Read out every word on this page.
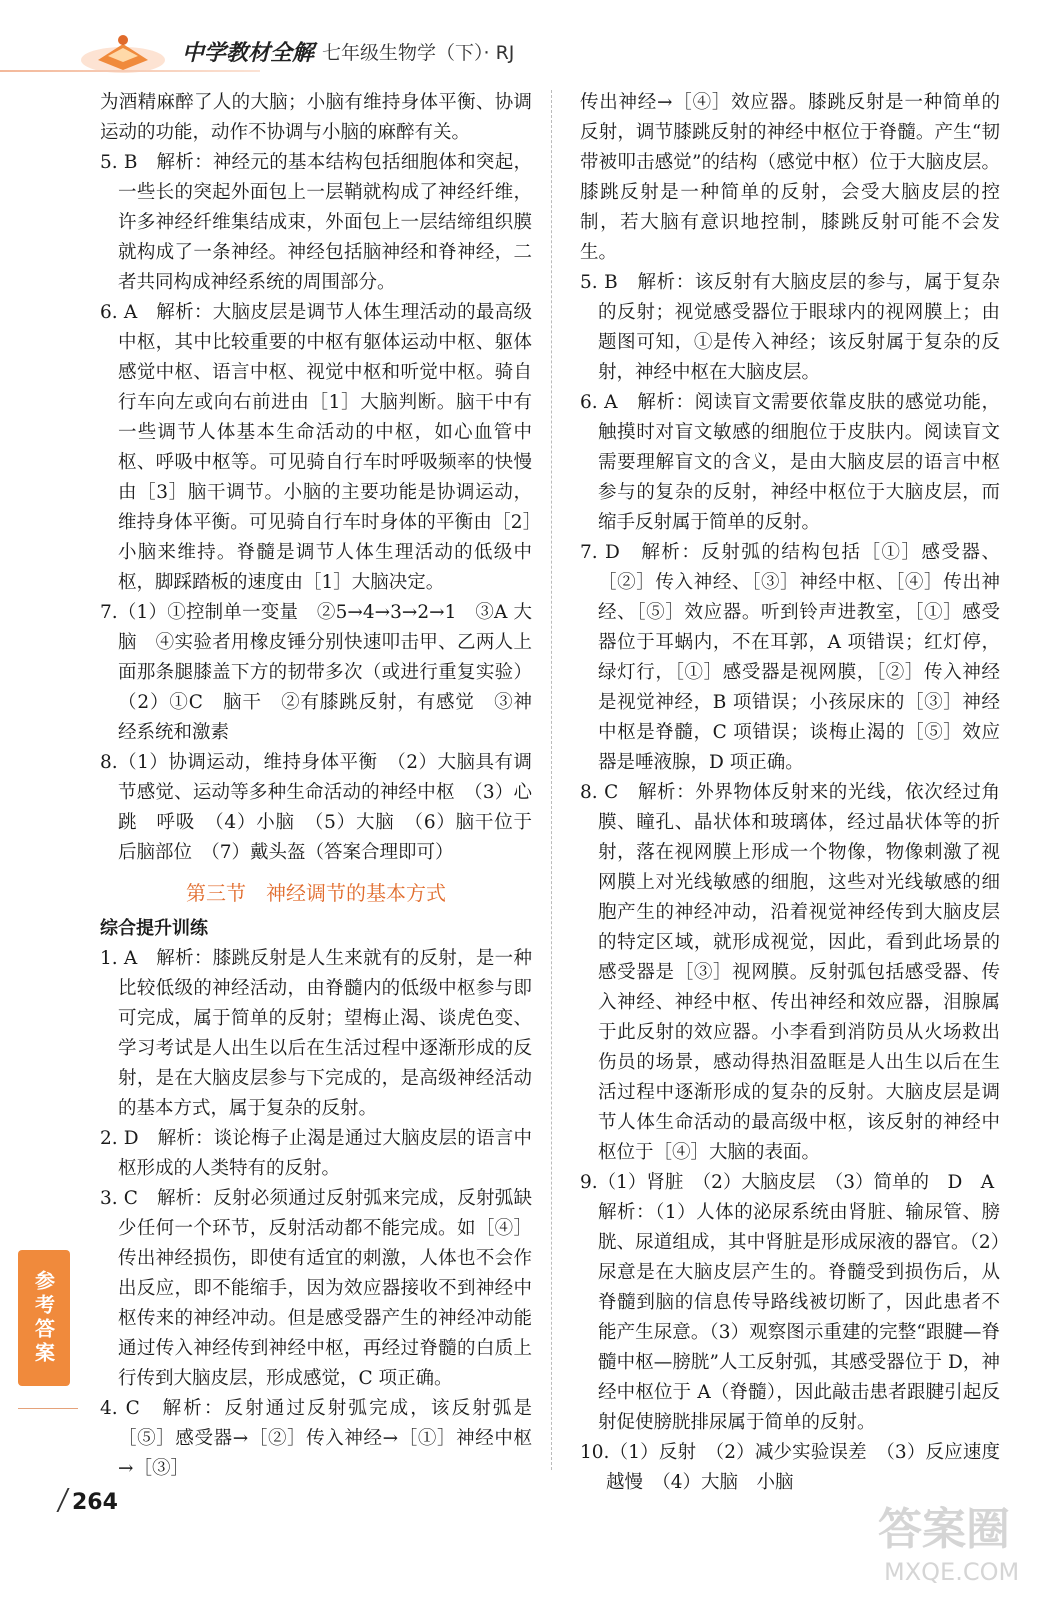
中学教材全解 七年级生物学（下）· RJ

为酒精麻醉了人的大脑；小脑有维持身体平衡、协调运动的功能，动作不协调与小脑的麻醉有关。

5. B　解析：神经元的基本结构包括细胞体和突起，一些长的突起外面包上一层鞘就构成了神经纤维，许多神经纤维集结成束，外面包上一层结缔组织膜就构成了一条神经。神经包括脑神经和脊神经，二者共同构成神经系统的周围部分。

6. A　解析：大脑皮层是调节人体生理活动的最高级中枢，其中比较重要的中枢有躯体运动中枢、躯体感觉中枢、语言中枢、视觉中枢和听觉中枢。骑自行车向左或向右前进由［1］大脑判断。脑干中有一些调节人体基本生命活动的中枢，如心血管中枢、呼吸中枢等。可见骑自行车时呼吸频率的快慢由［3］脑干调节。小脑的主要功能是协调运动，维持身体平衡。可见骑自行车时身体的平衡由［2］小脑来维持。脊髓是调节人体生理活动的低级中枢，脚踩踏板的速度由［1］大脑决定。

7.（1）①控制单一变量　②5→4→3→2→1　③A 大脑　④实验者用橡皮锤分别快速叩击甲、乙两人上面那条腿膝盖下方的韧带多次（或进行重复实验）（2）①C　脑干　②有膝跳反射，有感觉　③神经系统和激素

8.（1）协调运动，维持身体平衡　（2）大脑具有调节感觉、运动等多种生命活动的神经中枢　（3）心跳　呼吸　（4）小脑　（5）大脑　（6）脑干位于后脑部位　（7）戴头盔（答案合理即可）

第三节　神经调节的基本方式

综合提升训练

1. A　解析：膝跳反射是人生来就有的反射，是一种比较低级的神经活动，由脊髓内的低级中枢参与即可完成，属于简单的反射；望梅止渴、谈虎色变、学习考试是人出生以后在生活过程中逐渐形成的反射，是在大脑皮层参与下完成的，是高级神经活动的基本方式，属于复杂的反射。

2. D　解析：谈论梅子止渴是通过大脑皮层的语言中枢形成的人类特有的反射。

3. C　解析：反射必须通过反射弧来完成，反射弧缺少任何一个环节，反射活动都不能完成。如［④］传出神经损伤，即使有适宜的刺激，人体也不会作出反应，即不能缩手，因为效应器接收不到神经中枢传来的神经冲动。但是感受器产生的神经冲动能通过传入神经传到神经中枢，再经过脊髓的白质上行传到大脑皮层，形成感觉，C 项正确。

4. C　解析：反射通过反射弧完成，该反射弧是［⑤］感受器→［②］传入神经→［①］神经中枢→［③］

传出神经→［④］效应器。膝跳反射是一种简单的反射，调节膝跳反射的神经中枢位于脊髓。产生“韧带被叩击感觉”的结构（感觉中枢）位于大脑皮层。膝跳反射是一种简单的反射，会受大脑皮层的控制，若大脑有意识地控制，膝跳反射可能不会发生。

5. B　解析：该反射有大脑皮层的参与，属于复杂的反射；视觉感受器位于眼球内的视网膜上；由题图可知，①是传入神经；该反射属于复杂的反射，神经中枢在大脑皮层。

6. A　解析：阅读盲文需要依靠皮肤的感觉功能，触摸时对盲文敏感的细胞位于皮肤内。阅读盲文需要理解盲文的含义，是由大脑皮层的语言中枢参与的复杂的反射，神经中枢位于大脑皮层，而缩手反射属于简单的反射。

7. D　解析：反射弧的结构包括［①］感受器、［②］传入神经、［③］神经中枢、［④］传出神经、［⑤］效应器。听到铃声进教室，［①］感受器位于耳蜗内，不在耳郭，A 项错误；红灯停，绿灯行，［①］感受器是视网膜，［②］传入神经是视觉神经，B 项错误；小孩尿床的［③］神经中枢是脊髓，C 项错误；谈梅止渴的［⑤］效应器是唾液腺，D 项正确。

8. C　解析：外界物体反射来的光线，依次经过角膜、瞳孔、晶状体和玻璃体，经过晶状体等的折射，落在视网膜上形成一个物像，物像刺激了视网膜上对光线敏感的细胞，这些对光线敏感的细胞产生的神经冲动，沿着视觉神经传到大脑皮层的特定区域，就形成视觉，因此，看到此场景的感受器是［③］视网膜。反射弧包括感受器、传入神经、神经中枢、传出神经和效应器，泪腺属于此反射的效应器。小李看到消防员从火场救出伤员的场景，感动得热泪盈眶是人出生以后在生活过程中逐渐形成的复杂的反射。大脑皮层是调节人体生命活动的最高级中枢，该反射的神经中枢位于［④］大脑的表面。

9.（1）肾脏　（2）大脑皮层　（3）简单的　D　A

解析：（1）人体的泌尿系统由肾脏、输尿管、膀胱、尿道组成，其中肾脏是形成尿液的器官。（2）尿意是在大脑皮层产生的。脊髓受到损伤后，从脊髓到脑的信息传导路线被切断了，因此患者不能产生尿意。（3）观察图示重建的完整“跟腱—脊髓中枢—膀胱”人工反射弧，其感受器位于 D，神经中枢位于 A（脊髓），因此敲击患者跟腱引起反射促使膀胱排尿属于简单的反射。

10.（1）反射　（2）减少实验误差　（3）反应速度越慢　（4）大脑　小脑

参考答案
264
答案圈
MXQE.COM
